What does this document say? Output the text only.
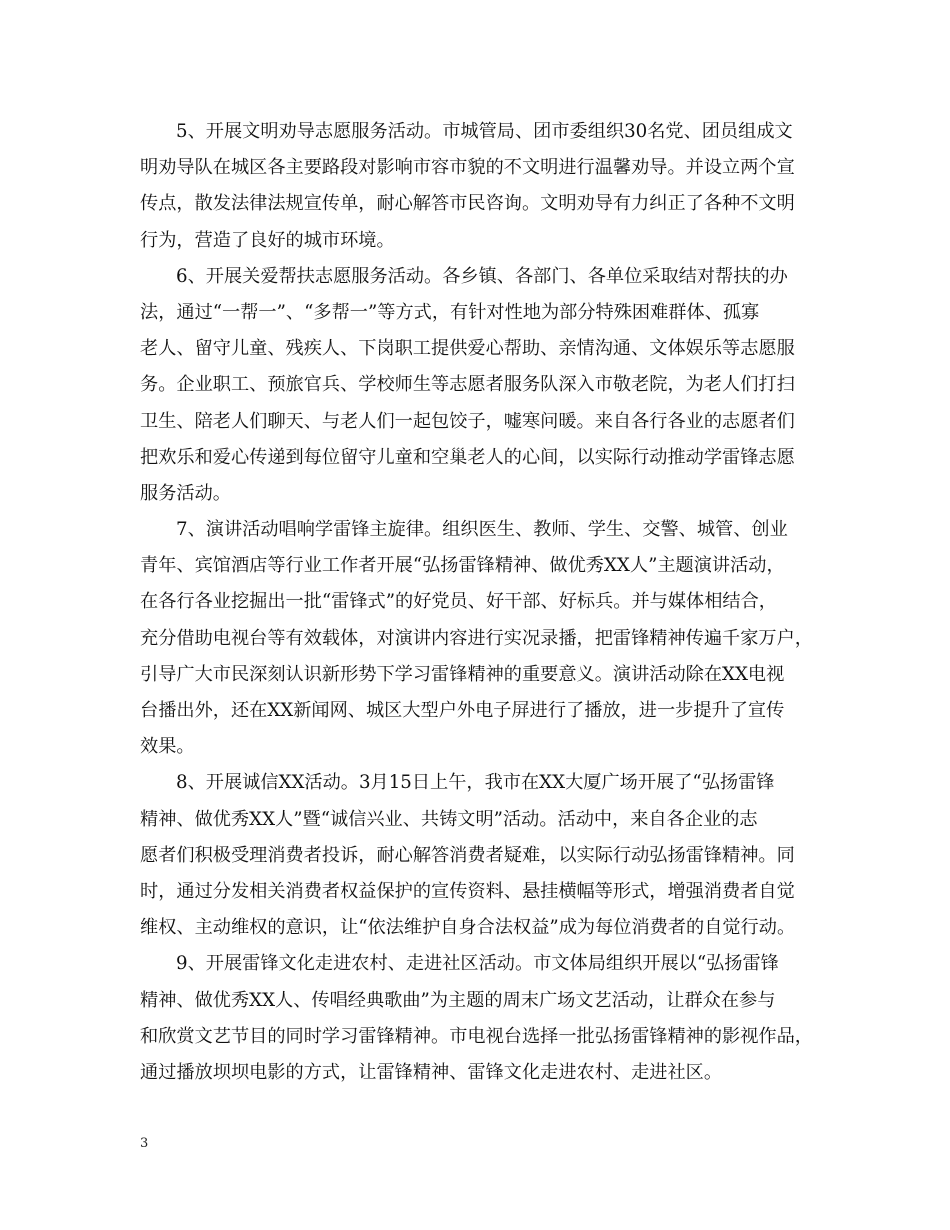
5、开展文明劝导志愿服务活动。市城管局、团市委组织30名党、团员组成文
明劝导队在城区各主要路段对影响市容市貌的不文明进行温馨劝导。并设立两个宣
传点，散发法律法规宣传单，耐心解答市民咨询。文明劝导有力纠正了各种不文明
行为，营造了良好的城市环境。
6、开展关爱帮扶志愿服务活动。各乡镇、各部门、各单位采取结对帮扶的办
法，通过“一帮一”、“多帮一”等方式，有针对性地为部分特殊困难群体、孤寡
老人、留守儿童、残疾人、下岗职工提供爱心帮助、亲情沟通、文体娱乐等志愿服
务。企业职工、预旅官兵、学校师生等志愿者服务队深入市敬老院，为老人们打扫
卫生、陪老人们聊天、与老人们一起包饺子，嘘寒问暖。来自各行各业的志愿者们
把欢乐和爱心传递到每位留守儿童和空巢老人的心间，以实际行动推动学雷锋志愿
服务活动。
7、演讲活动唱响学雷锋主旋律。组织医生、教师、学生、交警、城管、创业
青年、宾馆酒店等行业工作者开展“弘扬雷锋精神、做优秀XX人”主题演讲活动，
在各行各业挖掘出一批“雷锋式”的好党员、好干部、好标兵。并与媒体相结合，
充分借助电视台等有效载体，对演讲内容进行实况录播，把雷锋精神传遍千家万户，
引导广大市民深刻认识新形势下学习雷锋精神的重要意义。演讲活动除在XX电视
台播出外，还在XX新闻网、城区大型户外电子屏进行了播放，进一步提升了宣传
效果。
8、开展诚信XX活动。3月15日上午，我市在XX大厦广场开展了“弘扬雷锋
精神、做优秀XX人”暨“诚信兴业、共铸文明”活动。活动中，来自各企业的志
愿者们积极受理消费者投诉，耐心解答消费者疑难，以实际行动弘扬雷锋精神。同
时，通过分发相关消费者权益保护的宣传资料、悬挂横幅等形式，增强消费者自觉
维权、主动维权的意识，让“依法维护自身合法权益”成为每位消费者的自觉行动。
9、开展雷锋文化走进农村、走进社区活动。市文体局组织开展以“弘扬雷锋
精神、做优秀XX人、传唱经典歌曲”为主题的周末广场文艺活动，让群众在参与
和欣赏文艺节目的同时学习雷锋精神。市电视台选择一批弘扬雷锋精神的影视作品，
通过播放坝坝电影的方式，让雷锋精神、雷锋文化走进农村、走进社区。
3
